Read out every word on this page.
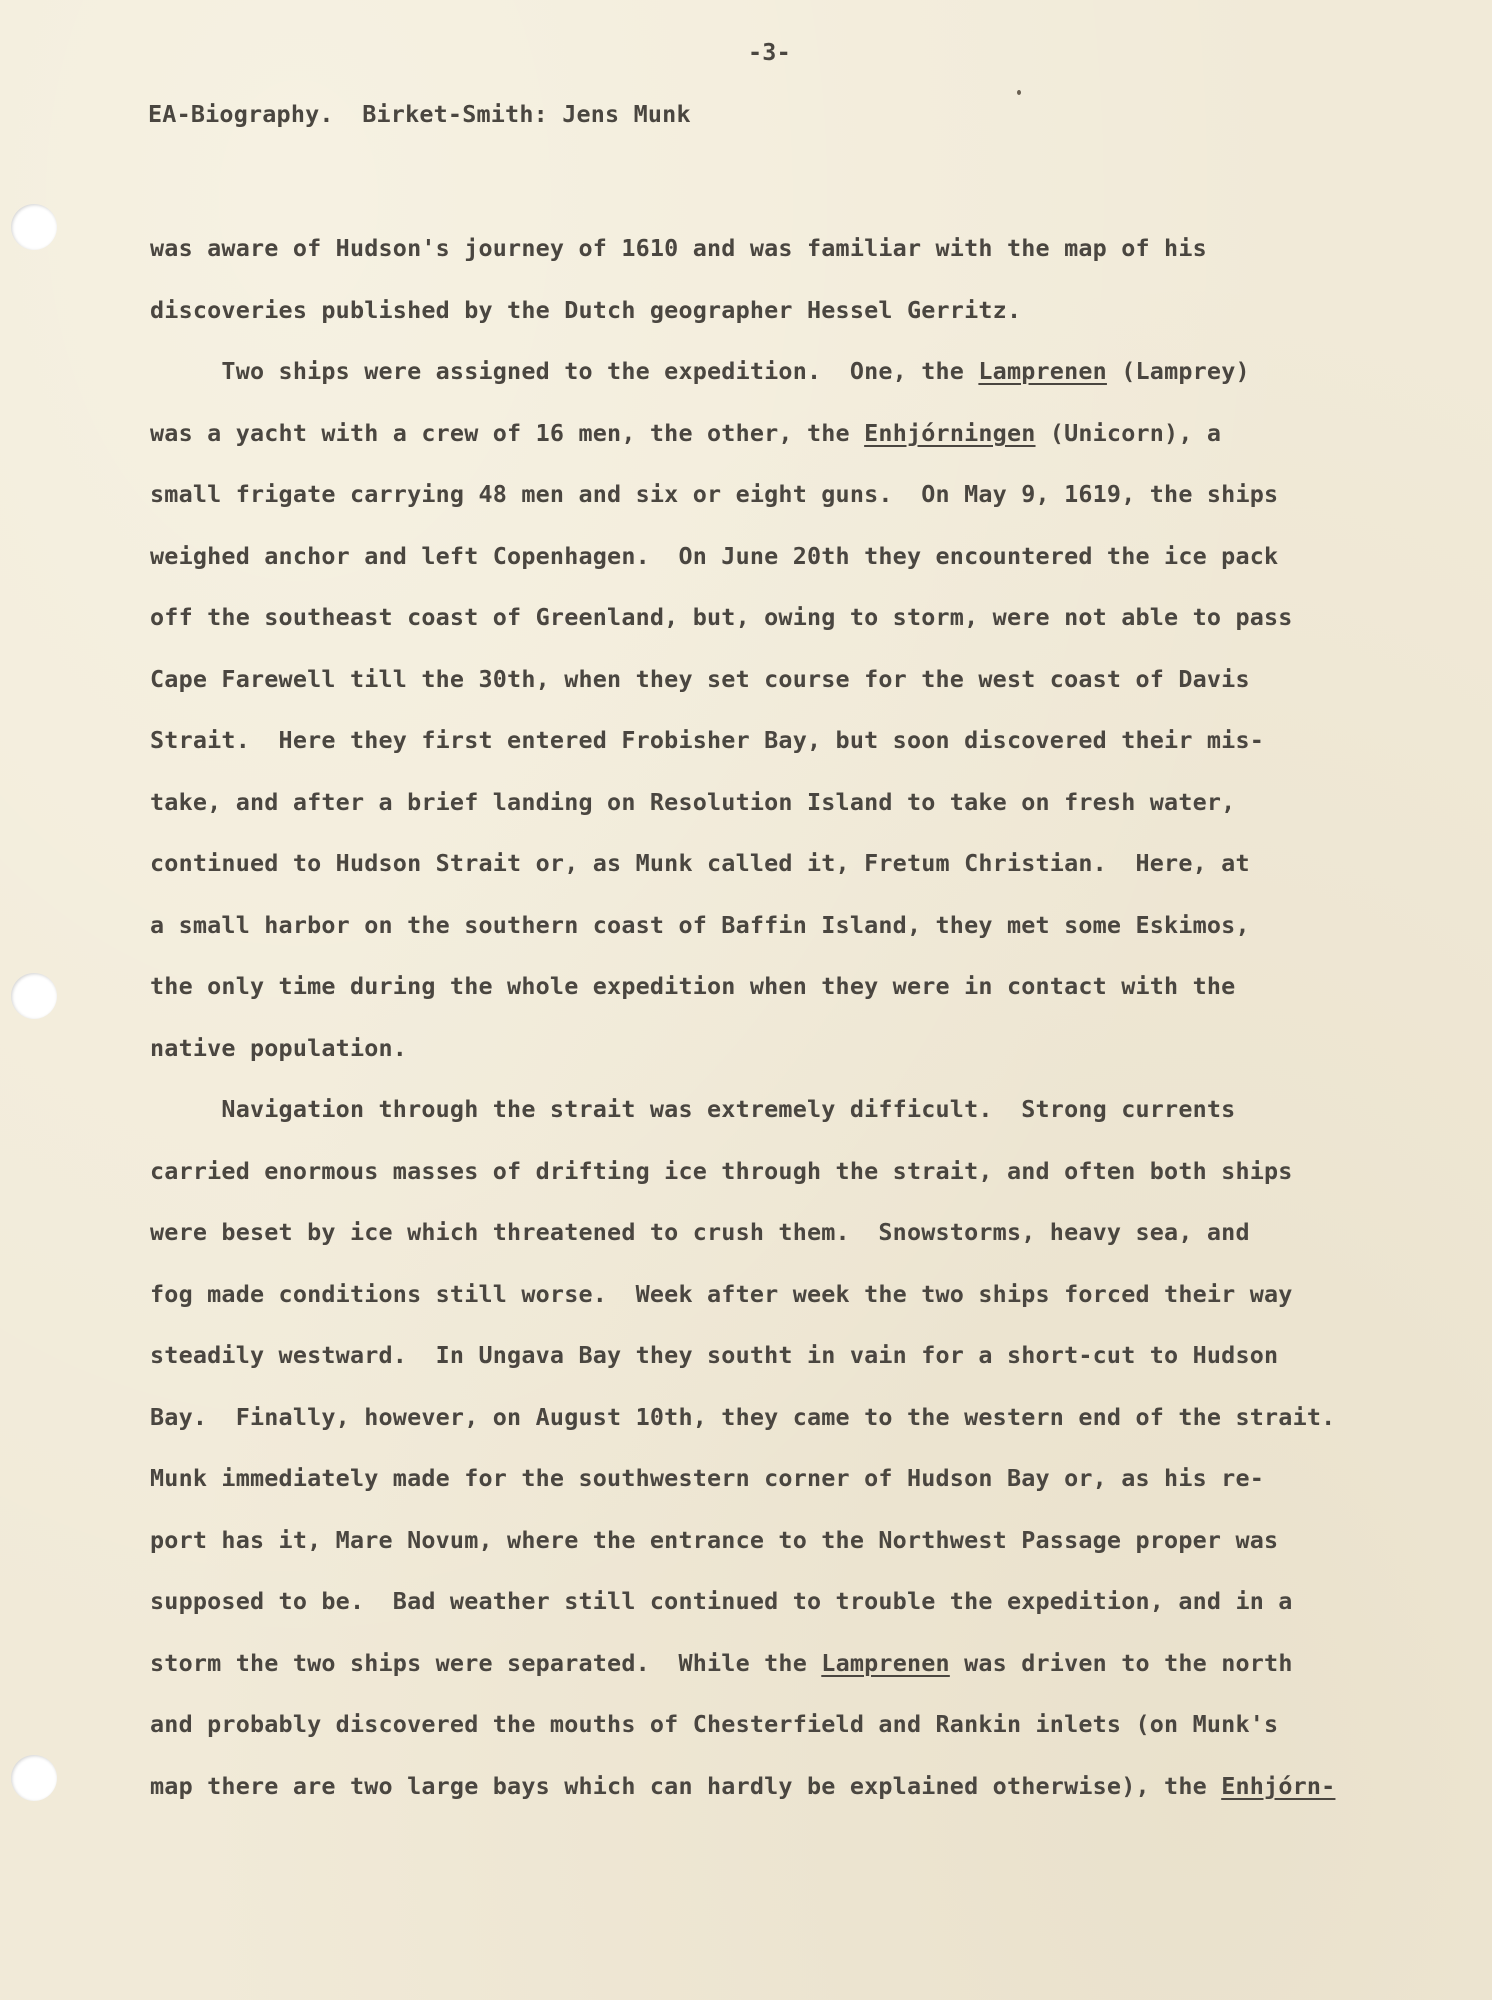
-3-
EA-Biography.  Birket-Smith: Jens Munk
was aware of Hudson's journey of 1610 and was familiar with the map of his
discoveries published by the Dutch geographer Hessel Gerritz.
Two ships were assigned to the expedition.  One, the Lamprenen (Lamprey)
was a yacht with a crew of 16 men, the other, the Enhjórningen (Unicorn), a
small frigate carrying 48 men and six or eight guns.  On May 9, 1619, the ships
weighed anchor and left Copenhagen.  On June 20th they encountered the ice pack
off the southeast coast of Greenland, but, owing to storm, were not able to pass
Cape Farewell till the 30th, when they set course for the west coast of Davis
Strait.  Here they first entered Frobisher Bay, but soon discovered their mis-
take, and after a brief landing on Resolution Island to take on fresh water,
continued to Hudson Strait or, as Munk called it, Fretum Christian.  Here, at
a small harbor on the southern coast of Baffin Island, they met some Eskimos,
the only time during the whole expedition when they were in contact with the
native population.
Navigation through the strait was extremely difficult.  Strong currents
carried enormous masses of drifting ice through the strait, and often both ships
were beset by ice which threatened to crush them.  Snowstorms, heavy sea, and
fog made conditions still worse.  Week after week the two ships forced their way
steadily westward.  In Ungava Bay they southt in vain for a short-cut to Hudson
Bay.  Finally, however, on August 10th, they came to the western end of the strait.
Munk immediately made for the southwestern corner of Hudson Bay or, as his re-
port has it, Mare Novum, where the entrance to the Northwest Passage proper was
supposed to be.  Bad weather still continued to trouble the expedition, and in a
storm the two ships were separated.  While the Lamprenen was driven to the north
and probably discovered the mouths of Chesterfield and Rankin inlets (on Munk's
map there are two large bays which can hardly be explained otherwise), the Enhjórn-
